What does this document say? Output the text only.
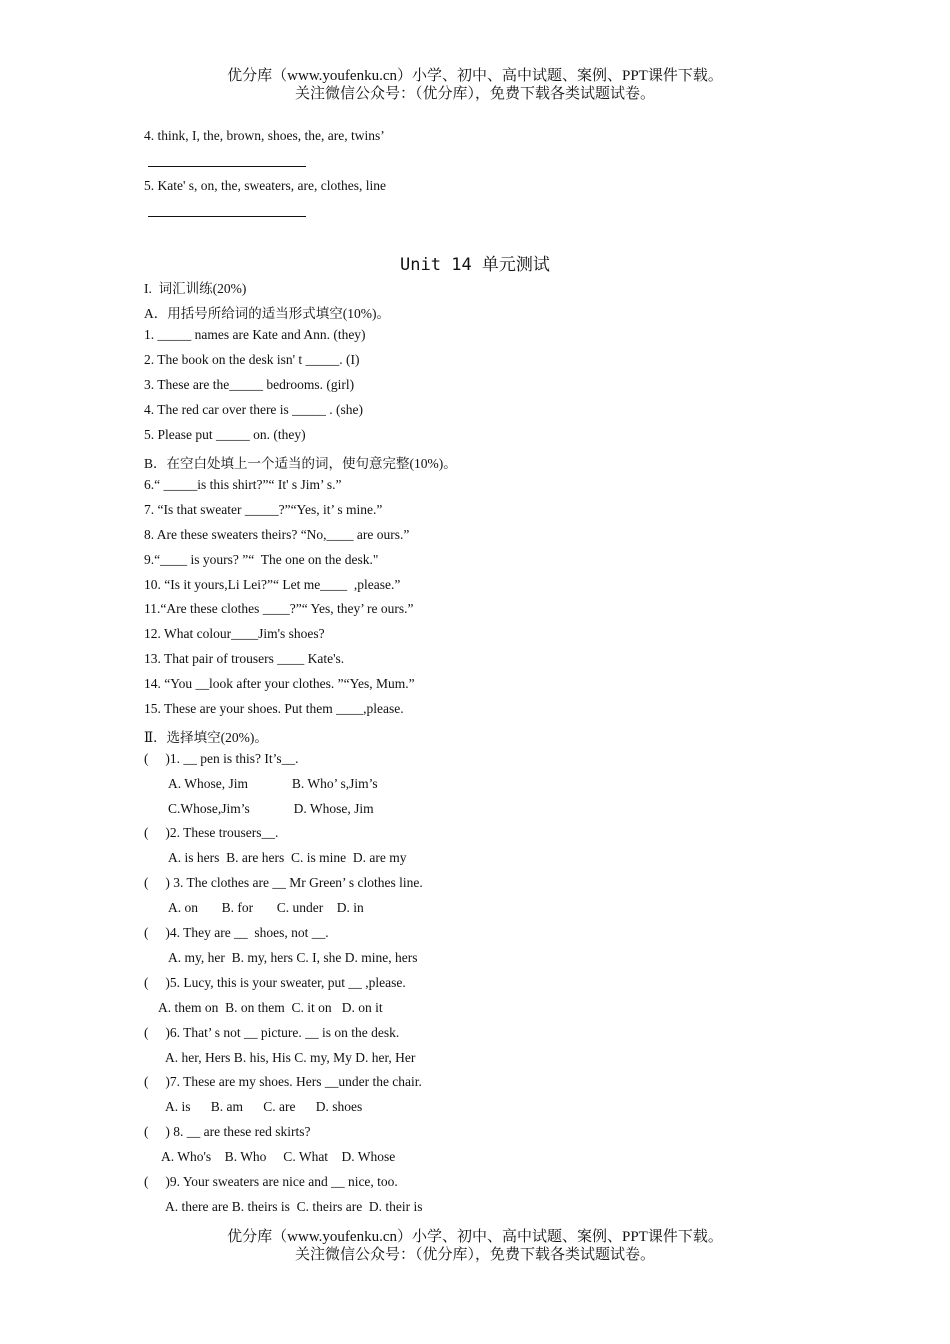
优分库（www.youfenku.cn）小学、初中、高中试题、案例、PPT课件下载。
关注微信公众号：（优分库），免费下载各类试题试卷。
4. think, I, the, brown, shoes, the, are, twins’
5. Kate' s, on, the, sweaters, are, clothes, line
Unit 14 单元测试
I.  词汇训练(20%)
A．用括号所给词的适当形式填空(10%)。
1. _____ names are Kate and Ann. (they)
2. The book on the desk isn' t _____. (I)
3. These are the_____ bedrooms. (girl)
4. The red car over there is _____ . (she)
5. Please put _____ on. (they)
B．在空白处填上一个适当的词，使句意完整(10%)。
6.“ _____is this shirt?”“ It' s Jim’ s.”
7. “Is that sweater _____?”“Yes, it’ s mine.”
8. Are these sweaters theirs? “No,____ are ours.”
9.“____ is yours? ”“  The one on the desk."
10. “Is it yours,Li Lei?”“ Let me____  ,please.”
11.“Are these clothes ____?”“ Yes, they’ re ours.”
12. What colour____Jim's shoes?
13. That pair of trousers ____ Kate's.
14. “You __look after your clothes. ”“Yes, Mum.”
15. These are your shoes. Put them ____,please.
Ⅱ．选择填空(20%)。
(     )1. __ pen is this? It’s__.
A. Whose, Jim             B. Who’ s,Jim’s
C.Whose,Jim’s             D. Whose, Jim
(     )2. These trousers__.
A. is hers  B. are hers  C. is mine  D. are my
(     ) 3. The clothes are __ Mr Green’ s clothes line.
A. on       B. for       C. under    D. in
(     )4. They are __  shoes, not __.
A. my, her  B. my, hers C. I, she D. mine, hers
(     )5. Lucy, this is your sweater, put __ ,please.
A. them on  B. on them  C. it on   D. on it
(     )6. That’ s not __ picture. __ is on the desk.
A. her, Hers B. his, His C. my, My D. her, Her
(     )7. These are my shoes. Hers __under the chair.
A. is      B. am      C. are      D. shoes
(     ) 8. __ are these red skirts?
A. Who's    B. Who     C. What    D. Whose
(     )9. Your sweaters are nice and __ nice, too.
A. there are B. theirs is  C. theirs are  D. their is
优分库（www.youfenku.cn）小学、初中、高中试题、案例、PPT课件下载。
关注微信公众号：（优分库），免费下载各类试题试卷。
